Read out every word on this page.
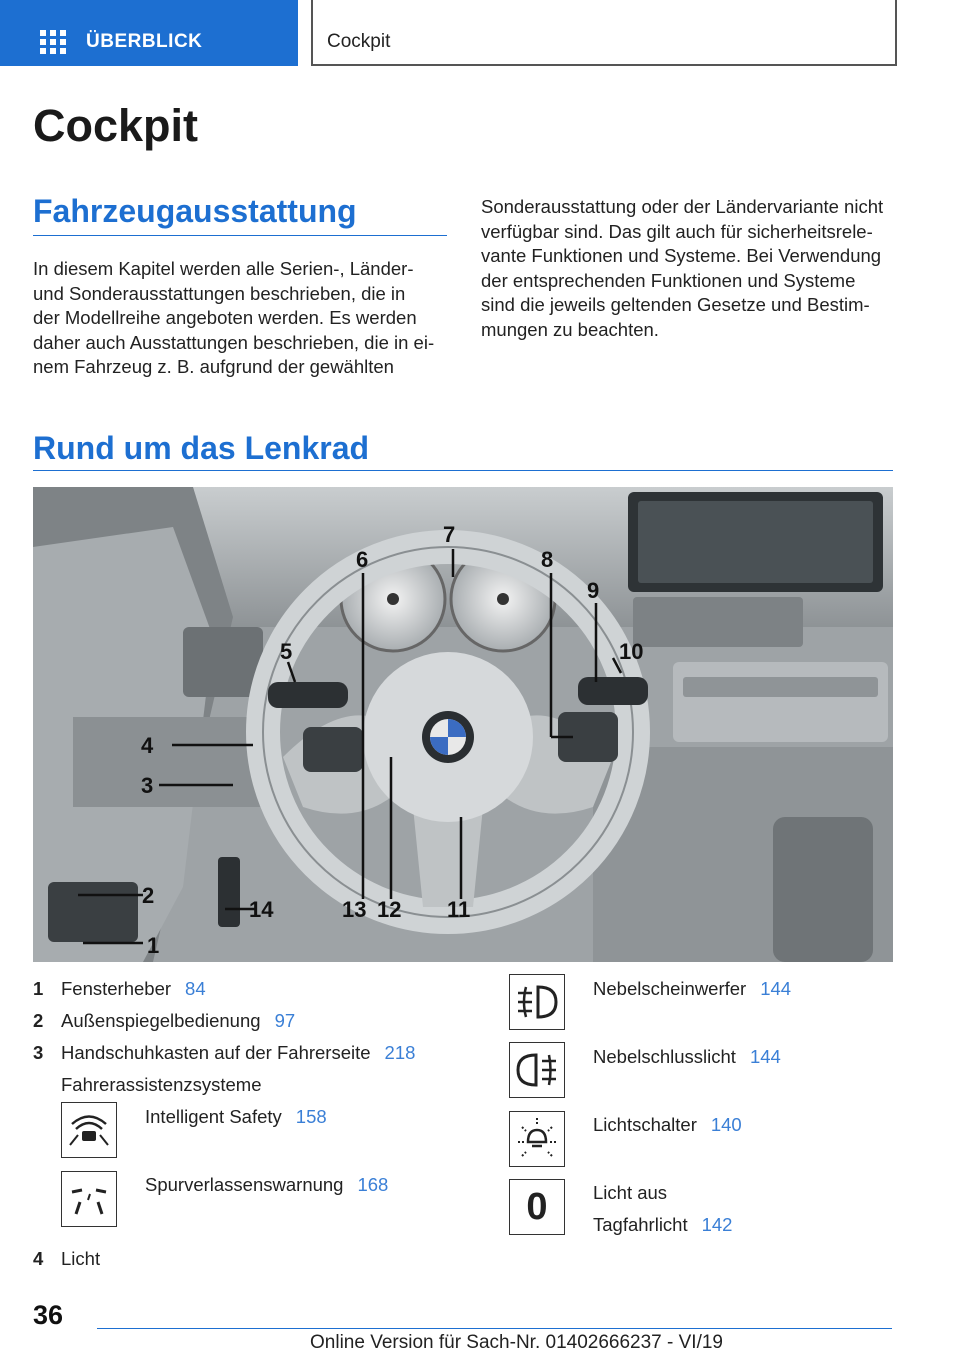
ÜBERBLICK	Cockpit
Cockpit
Fahrzeugausstattung
In diesem Kapitel werden alle Serien-, Länder-
und Sonderausstattungen beschrieben, die in
der Modellreihe angeboten werden. Es werden
daher auch Ausstattungen beschrieben, die in ei-
nem Fahrzeug z. B. aufgrund der gewählten
Sonderausstattung oder der Ländervariante nicht
verfügbar sind. Das gilt auch für sicherheitsrele-
vante Funktionen und Systeme. Bei Verwendung
der entsprechenden Funktionen und Systeme
sind die jeweils geltenden Gesetze und Bestim-
mungen zu beachten.
Rund um das Lenkrad
1
2
3
4
5
6
7
8
9
10
11
12
13
14
1 Fensterheber 84
2 Außenspiegelbedienung 97
3 Handschuhkasten auf der Fahrerseite 218
Fahrerassistenzsysteme
Intelligent Safety 158
Spurverlassenswarnung 168
4 Licht
Nebelscheinwerfer 144
Nebelschlusslicht 144
Lichtschalter 140
0 Licht aus
Tagfahrlicht 142
36
Online Version für Sach-Nr. 01402666237 - VI/19
